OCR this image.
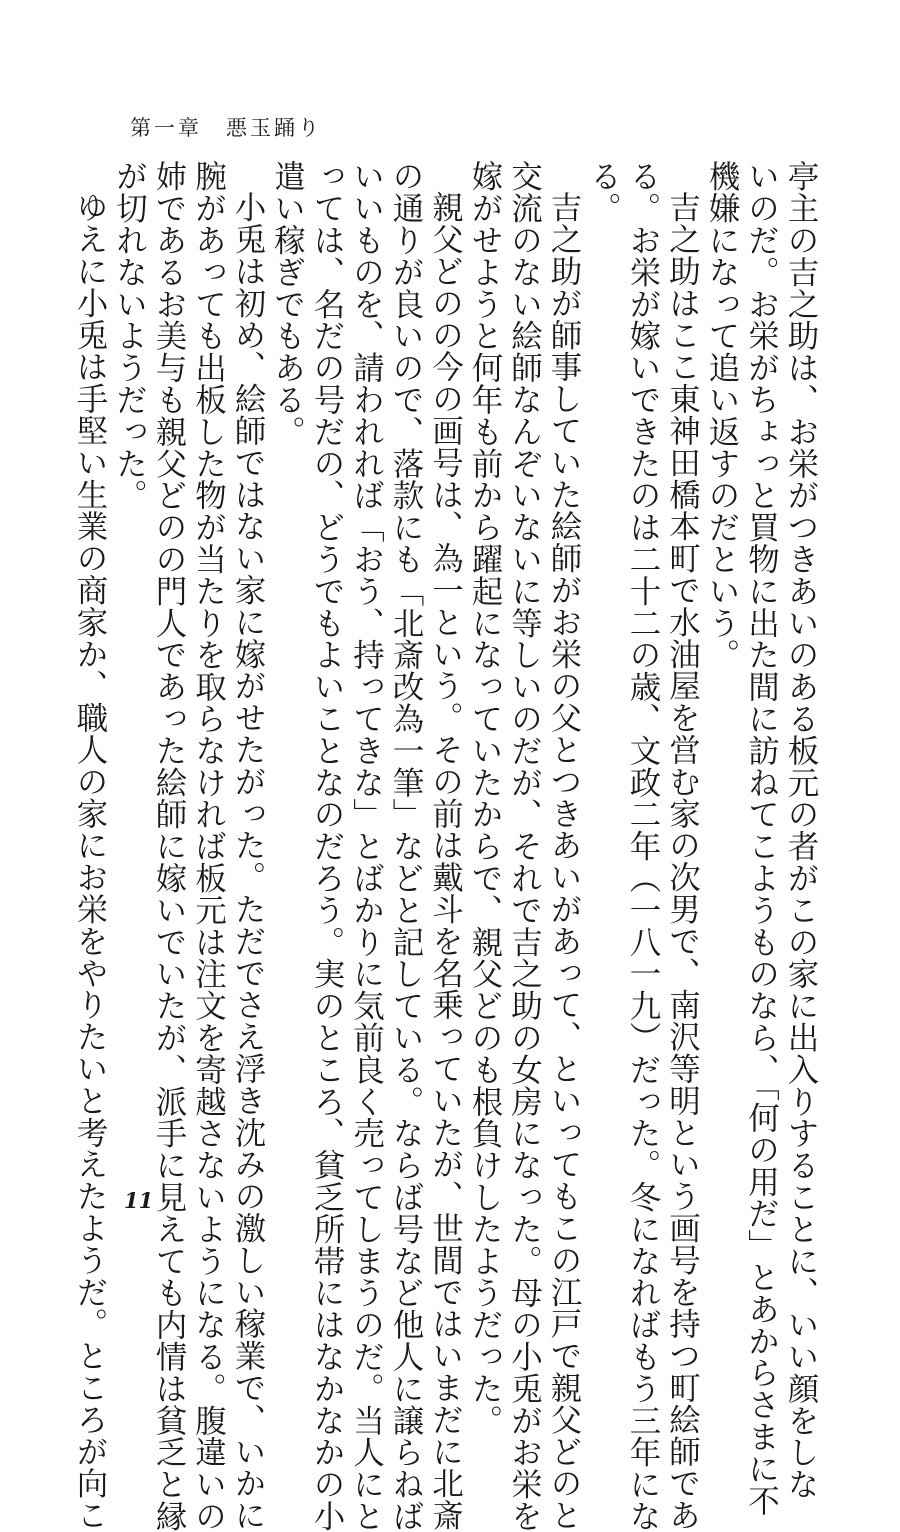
第一章　悪玉踊り

亭主の吉之助は、お栄がつきあいのある板元の者がこの家に出入りすることに、いい顔をしな

いのだ。お栄がちょっと買物に出た間に訪ねてこようものなら、「何の用だ」とあからさまに不

機嫌になって追い返すのだという。

吉之助はここ東神田橋本町で水油屋を営む家の次男で、南沢等明という画号を持つ町絵師であ

る。お栄が嫁いできたのは二十二の歳、文政二年（一八一九）だった。冬になればもう三年にな

る。

吉之助が師事していた絵師がお栄の父とつきあいがあって、といってもこの江戸で親父どのと

交流のない絵師なんぞいないに等しいのだが、それで吉之助の女房になった。母の小兎がお栄を

嫁がせようと何年も前から躍起になっていたからで、親父どのも根負けしたようだった。

親父どのの今の画号は、為一という。その前は戴斗を名乗っていたが、世間ではいまだに北斎

の通りが良いので、落款にも「北斎改為一筆」などと記している。ならば号など他人に譲らねば

いいものを、請われれば「おう、持ってきな」とばかりに気前良く売ってしまうのだ。当人にと

っては、名だの号だの、どうでもよいことなのだろう。実のところ、貧乏所帯にはなかなかの小

遣い稼ぎでもある。

小兎は初め、絵師ではない家に嫁がせたがった。ただでさえ浮き沈みの激しい稼業で、いかに

腕があっても出板した物が当たりを取らなければ板元は注文を寄越さないようになる。腹違いの

姉であるお美与も親父どのの門人であった絵師に嫁いでいたが、派手に見えても内情は貧乏と縁

が切れないようだった。

ゆえに小兎は手堅い生業の商家か、職人の家にお栄をやりたいと考えたようだ。ところが向こ 11
